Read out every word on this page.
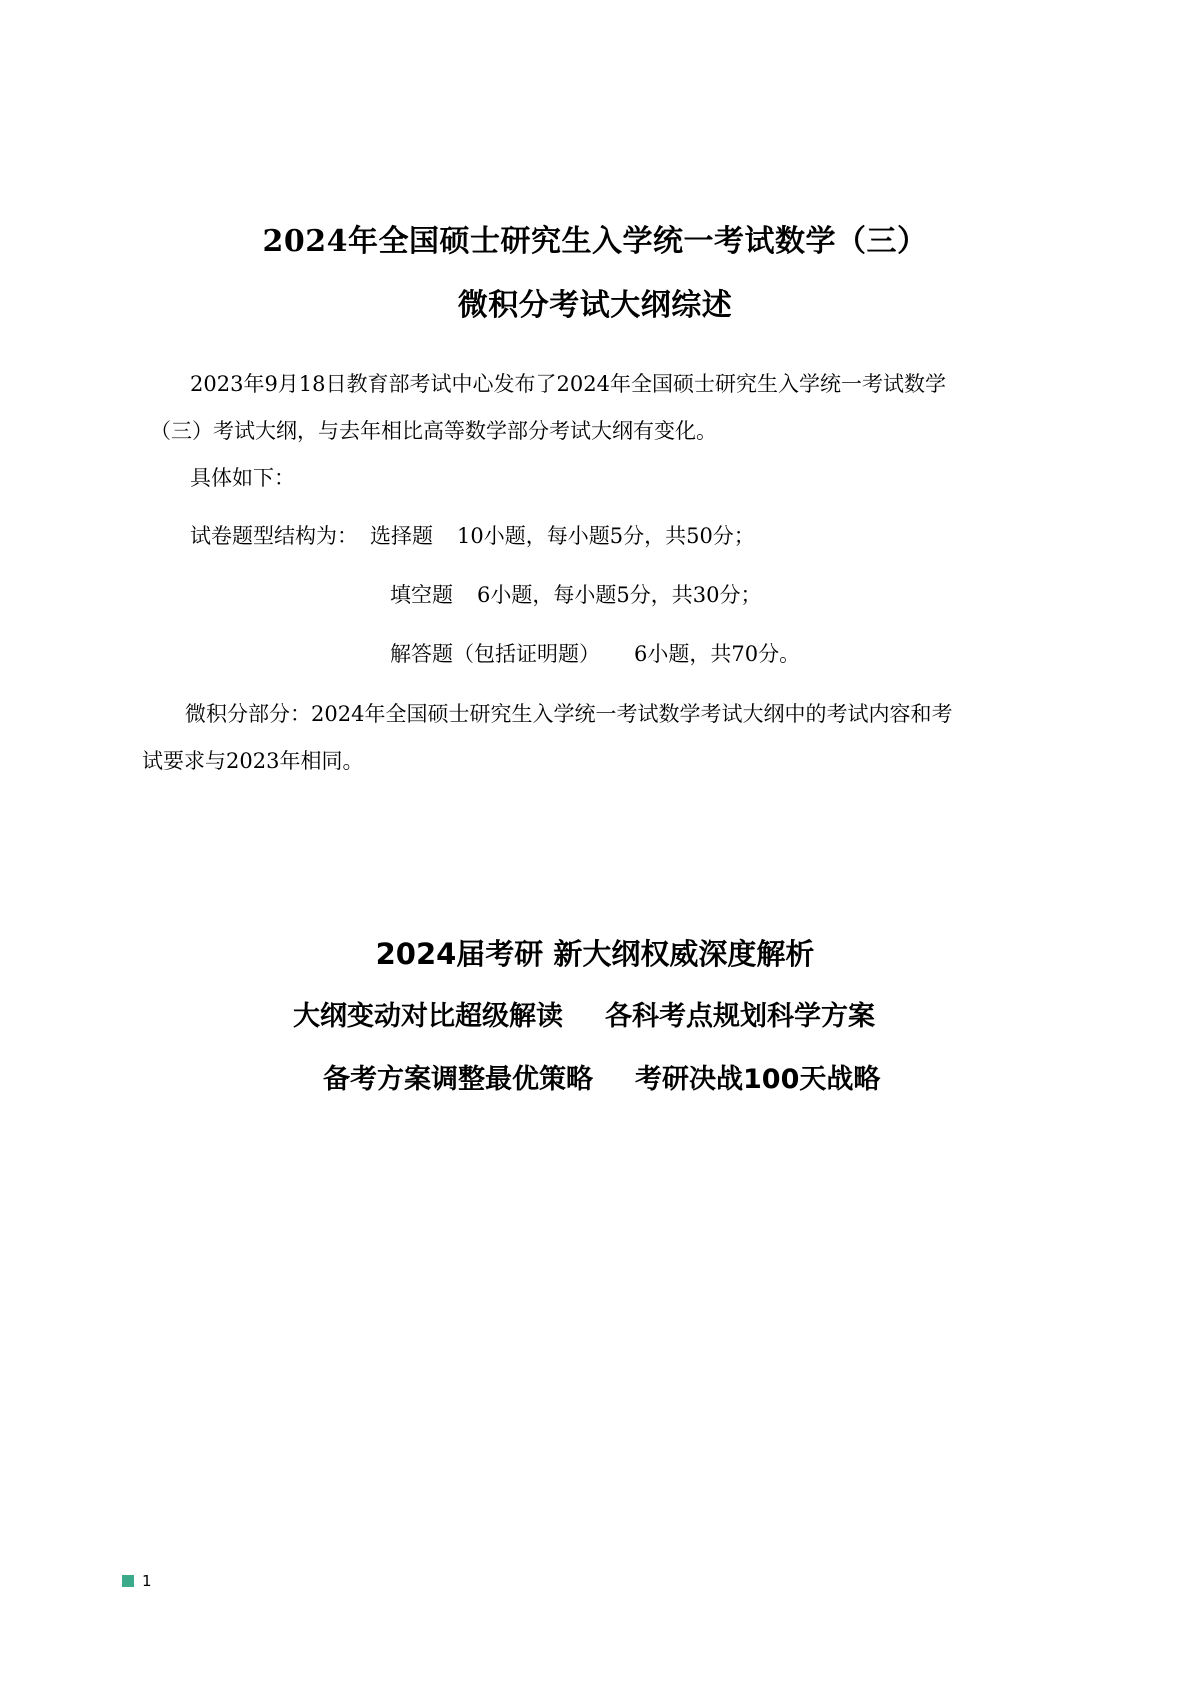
2024年全国硕士研究生入学统一考试数学（三）
微积分考试大纲综述
2023年9月18日教育部考试中心发布了2024年全国硕士研究生入学统一考试数学
（三）考试大纲，与去年相比高等数学部分考试大纲有变化。
具体如下：
试卷题型结构为： 选择题 10小题，每小题5分，共50分；
填空题 6小题，每小题5分，共30分；
解答题（包括证明题） 6小题，共70分。
微积分部分：2024年全国硕士研究生入学统一考试数学考试大纲中的考试内容和考
试要求与2023年相同。
2024届考研 新大纲权威深度解析
大纲变动对比超级解读 各科考点规划科学方案
备考方案调整最优策略 考研决战100天战略
1
